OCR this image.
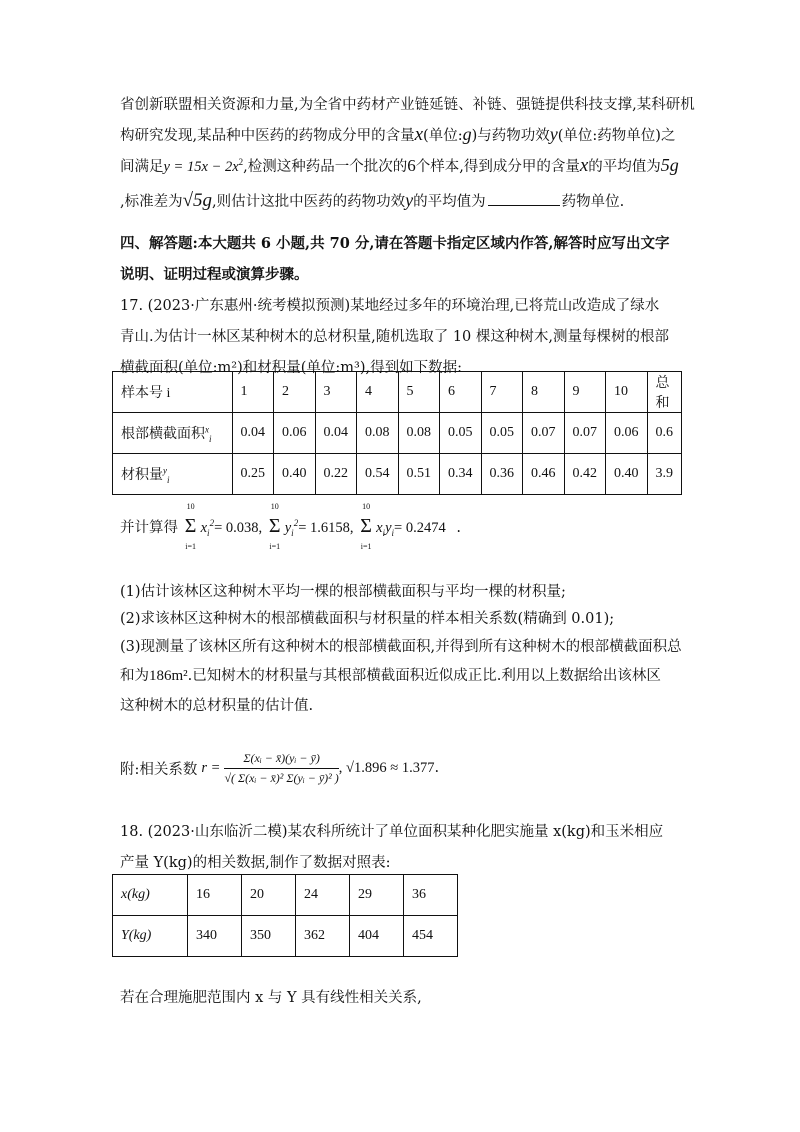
省创新联盟相关资源和力量,为全省中药材产业链延链、补链、强链提供科技支撑,某科研机
构研究发现,某品种中医药的药物成分甲的含量x(单位:g)与药物功效y(单位:药物单位)之
间满足$y = 15x - 2x^2$,检测这种药品一个批次的6个样本,得到成分甲的含量x的平均值为5g
,标准差为√5g,则估计这批中医药的药物功效y的平均值为	药物单位.
四、解答题:本大题共 6 小题,共 70 分,请在答题卡指定区域内作答,解答时应写出文字
说明、证明过程或演算步骤。
17. (2023·广东惠州·统考模拟预测)某地经过多年的环境治理,已将荒山改造成了绿水
青山.为估计一林区某种树木的总材积量,随机选取了 10 棵这种树木,测量每棵树的根部
横截面积(单位:m²)和材积量(单位:m³),得到如下数据:
样本号 i	1	2	3	4	5	6	7	8	9	10	总和
根部横截面积$^x_i$	0.04	0.06	0.04	0.08	0.08	0.05	0.05	0.07	0.07	0.06	0.6
材积量$^y_i$	0.25	0.40	0.22	0.54	0.51	0.34	0.36	0.46	0.42	0.40	3.9
并计算得
10
Σ
i=1
$x_i^2= 0.038$,
10
Σ
i=1
$y_i^2= 1.6158$,
10
Σ
i=1
$x_iy_i= 0.2474$ .
(1)估计该林区这种树木平均一棵的根部横截面积与平均一棵的材积量;
(2)求该林区这种树木的根部横截面积与材积量的样本相关系数(精确到 0.01);
(3)现测量了该林区所有这种树木的根部横截面积,并得到所有这种树木的根部横截面积总
和为186m².已知树木的材积量与其根部横截面积近似成正比.利用以上数据给出该林区
这种树木的总材积量的估计值.
附:相关系数 $r = \frac{\text{Σ(xᵢ − x̄)(yᵢ − ȳ)}}{\text{√( Σ(xᵢ − x̄)² Σ(yᵢ − ȳ)² )}}$ , √1.896 ≈ 1.377 .
18. (2023·山东临沂二模)某农科所统计了单位面积某种化肥实施量 x(kg)和玉米相应
产量 Y(kg)的相关数据,制作了数据对照表:
x(kg)	16	20	24	29	36
Y(kg)	340	350	362	404	454
若在合理施肥范围内 x 与 Y 具有线性相关关系,
